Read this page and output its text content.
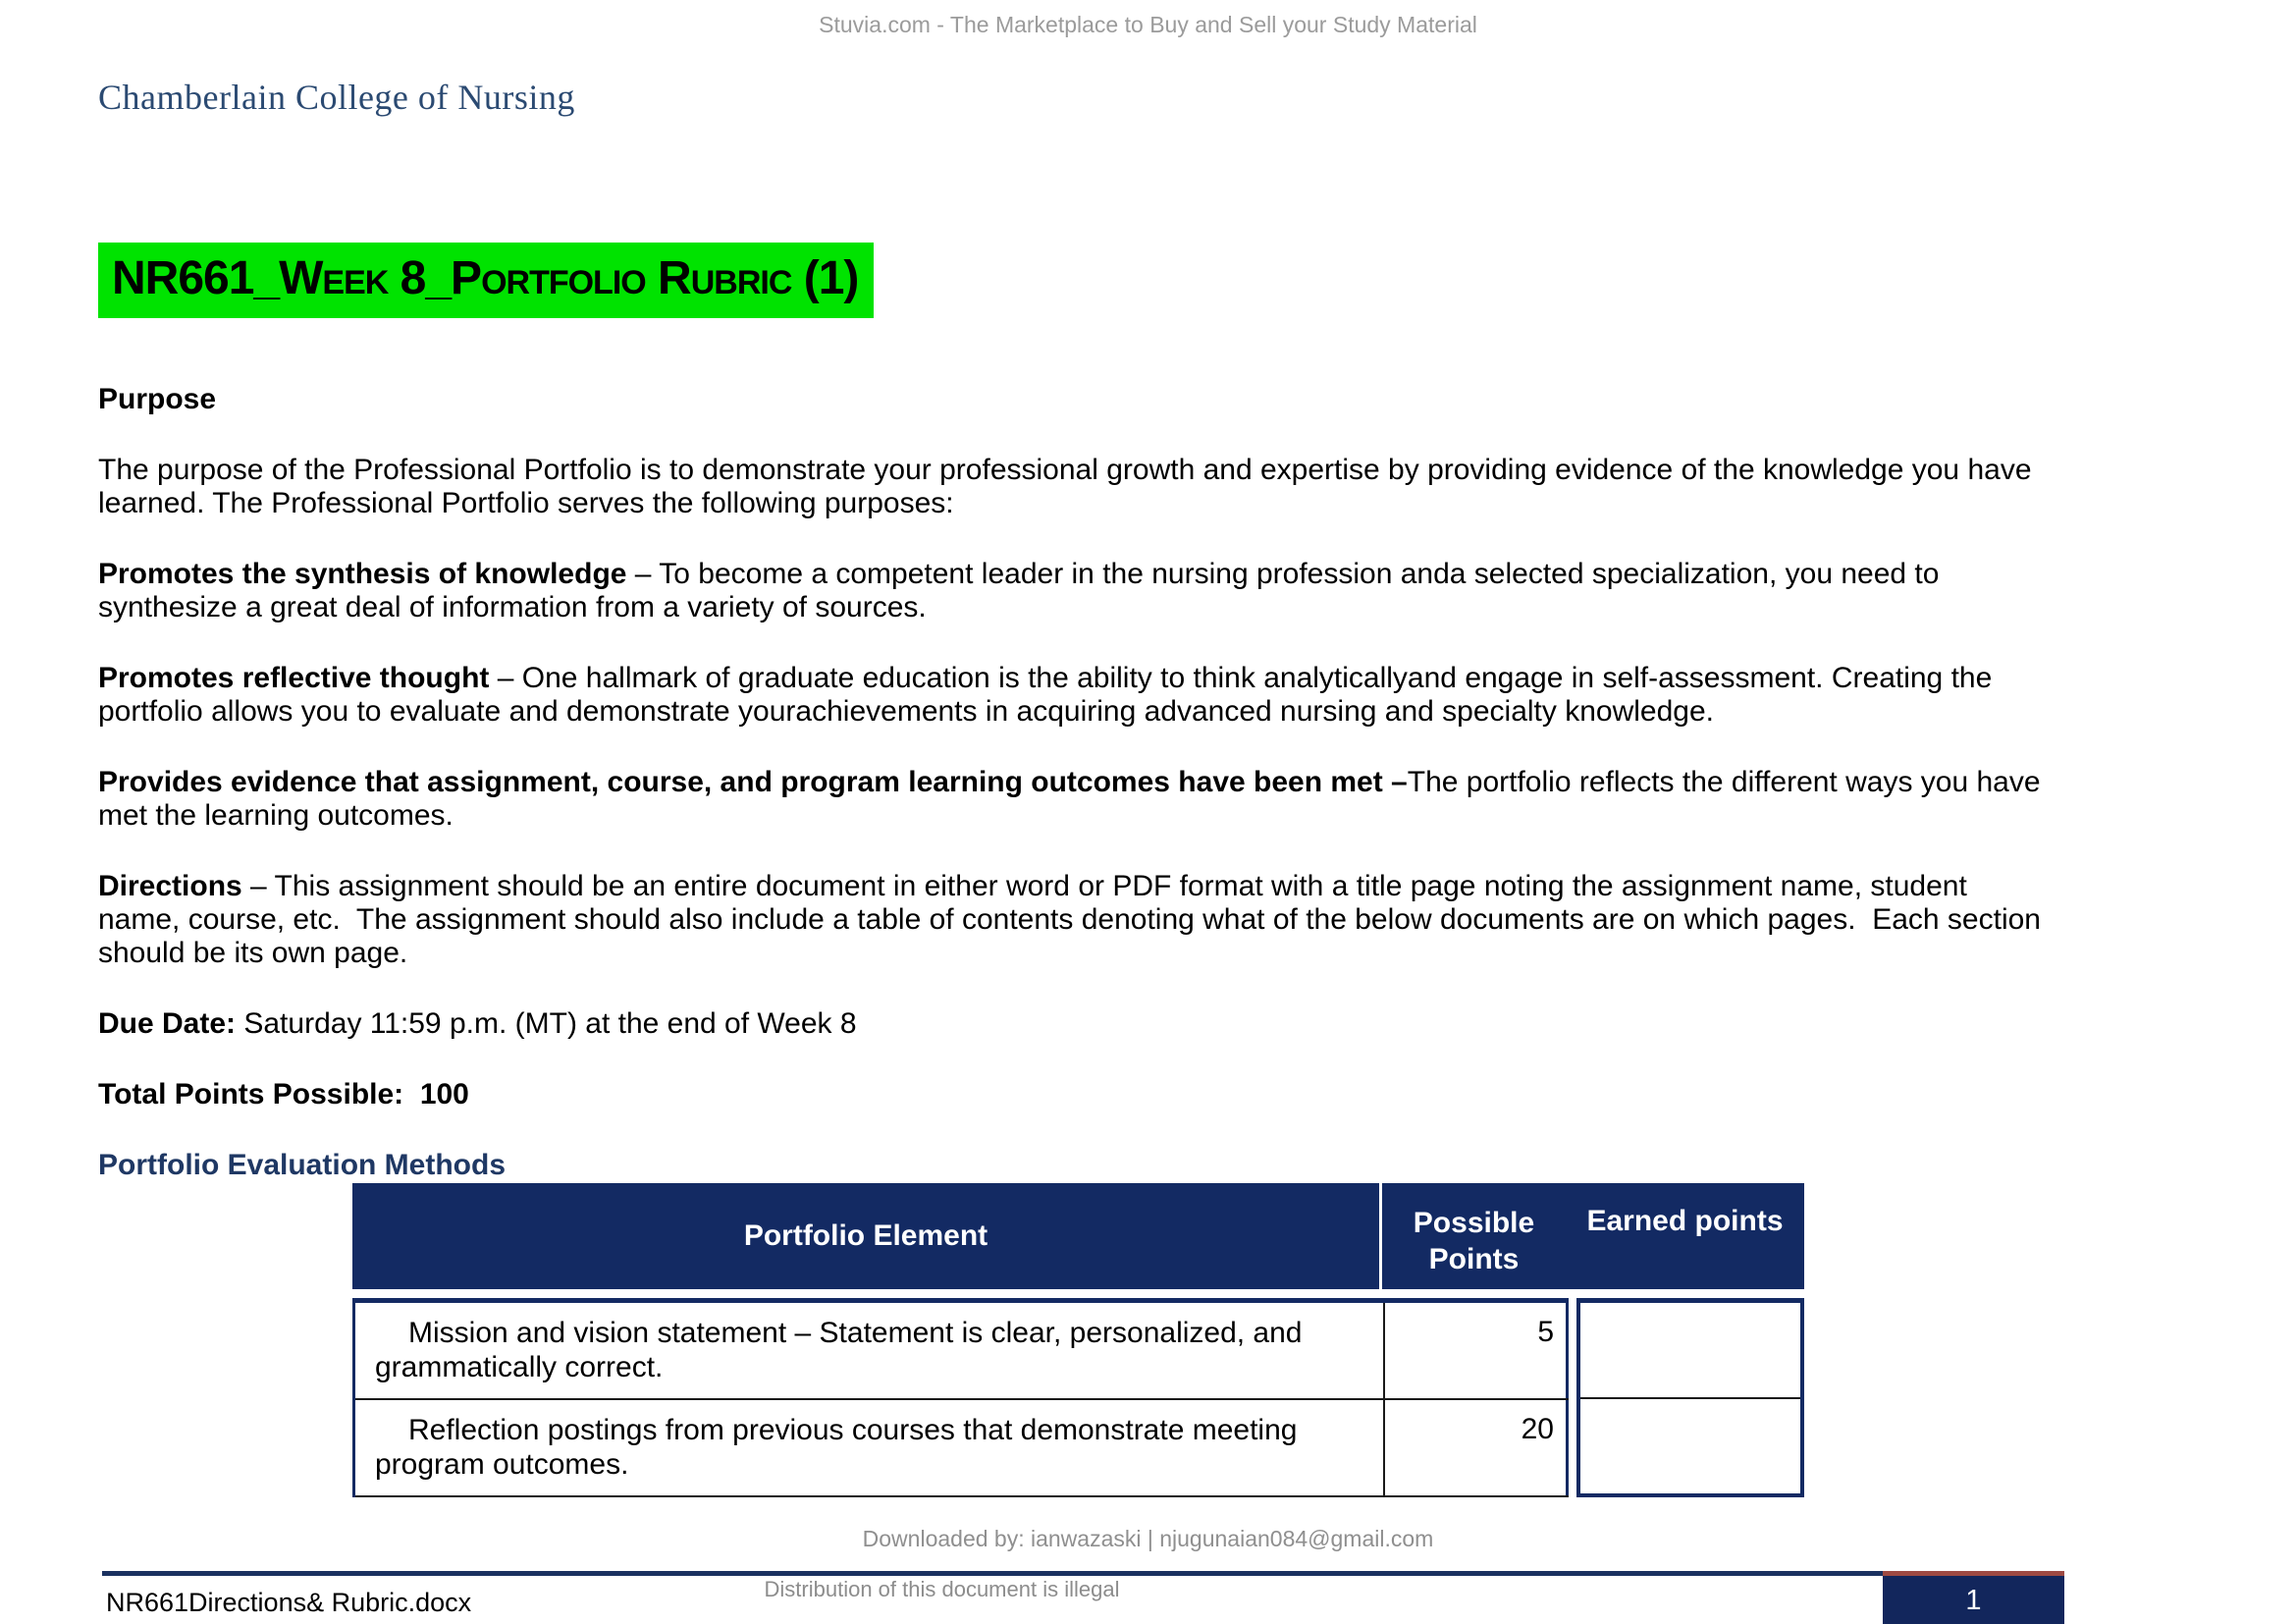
Stuvia.com - The Marketplace to Buy and Sell your Study Material
Chamberlain College of Nursing
NR661_Week 8_Portfolio Rubric (1)

Purpose

The purpose of the Professional Portfolio is to demonstrate your professional growth and expertise by providing evidence of the knowledge you have learned. The Professional Portfolio serves the following purposes:

Promotes the synthesis of knowledge – To become a competent leader in the nursing profession anda selected specialization, you need to synthesize a great deal of information from a variety of sources.

Promotes reflective thought – One hallmark of graduate education is the ability to think analyticallyand engage in self-assessment. Creating the portfolio allows you to evaluate and demonstrate yourachievements in acquiring advanced nursing and specialty knowledge.

Provides evidence that assignment, course, and program learning outcomes have been met –The portfolio reflects the different ways you have met the learning outcomes.

Directions – This assignment should be an entire document in either word or PDF format with a title page noting the assignment name, student name, course, etc.  The assignment should also include a table of contents denoting what of the below documents are on which pages.  Each section should be its own page.

Due Date: Saturday 11:59 p.m. (MT) at the end of Week 8

Total Points Possible:  100

Portfolio Evaluation Methods

Portfolio Element	Possible Points
Earned points
Mission and vision statement – Statement is clear, personalized, and grammatically correct.
5
Reflection postings from previous courses that demonstrate meeting program outcomes.
20
Downloaded by: ianwazaski | njugunaian084@gmail.com
Distribution of this document is illegal
NR661Directions& Rubric.docx	1
